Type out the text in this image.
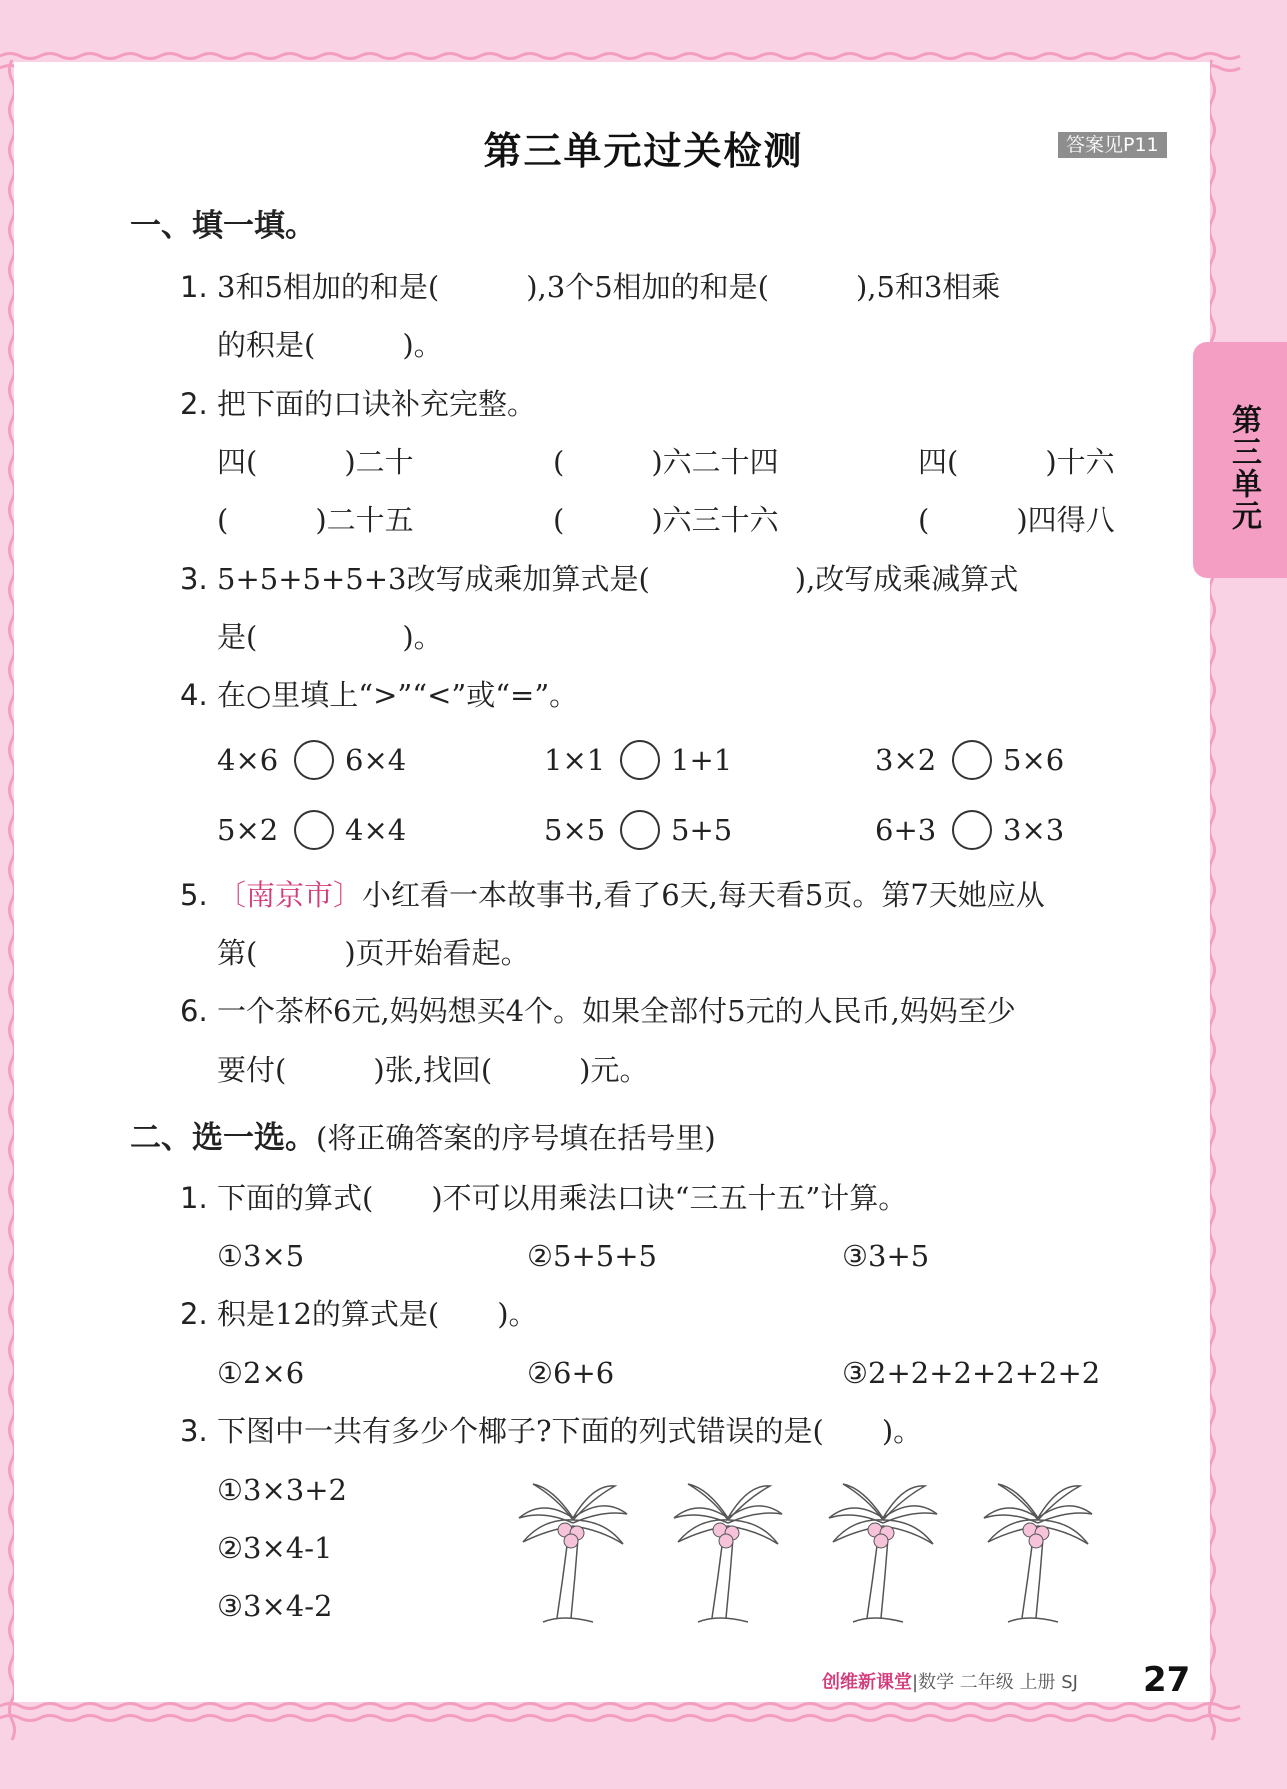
第三单元过关检测	答案见P11
第三单元
一、填一填。
1. 3和5相加的和是(　　　),3个5相加的和是(　　　),5和3相乘
的积是(　　　)。
2. 把下面的口诀补充完整。
四(　　　)二十	(　　　)六二十四	四(　　　)十六
(　　　)二十五	(　　　)六三十六	(　　　)四得八
3. 5+5+5+5+3改写成乘加算式是(　　　　　),改写成乘减算式
是(　　　　　)。
4. 在○里填上“>”“<”或“=”。
4×6 6×4	1×1 1+1	3×2 5×6
5×2 4×4	5×5 5+5	6+3 3×3
5. 〔南京市〕小红看一本故事书,看了6天,每天看5页。第7天她应从
第(　　　)页开始看起。
6. 一个茶杯6元,妈妈想买4个。如果全部付5元的人民币,妈妈至少
要付(　　　)张,找回(　　　)元。
二、选一选。(将正确答案的序号填在括号里)
1. 下面的算式(　　)不可以用乘法口诀“三五十五”计算。
①3×5	②5+5+5	③3+5
2. 积是12的算式是(　　)。
①2×6	②6+6	③2+2+2+2+2+2
3. 下图中一共有多少个椰子?下面的列式错误的是(　　)。
①3×3+2
②3×4-1
③3×4-2
创维新课堂|数学 二年级 上册 SJ 27
